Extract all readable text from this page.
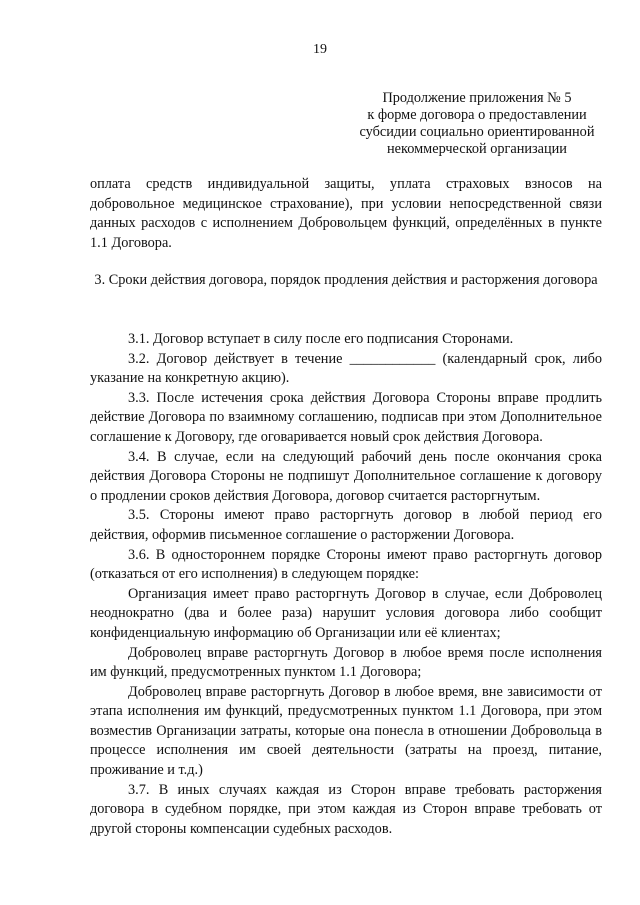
19
Продолжение приложения № 5
к форме договора о предоставлении
субсидии социально ориентированной
некоммерческой организации
оплата средств индивидуальной защиты, уплата страховых взносов на добровольное медицинское страхование), при условии непосредственной связи данных расходов с исполнением Добровольцем функций, определённых в пункте 1.1 Договора.
3. Сроки действия договора, порядок продления действия и расторжения договора

3.1. Договор вступает в силу после его подписания Сторонами.

3.2. Договор действует в течение ____________ (календарный срок, либо указание на конкретную акцию).

3.3. После истечения срока действия Договора Стороны вправе продлить действие Договора по взаимному соглашению, подписав при этом Дополнительное соглашение к Договору, где оговаривается новый срок действия Договора.

3.4. В случае, если на следующий рабочий день после окончания срока действия Договора Стороны не подпишут Дополнительное соглашение к договору о продлении сроков действия Договора, договор считается расторгнутым.

3.5. Стороны имеют право расторгнуть договор в любой период его действия, оформив письменное соглашение о расторжении Договора.

3.6. В одностороннем порядке Стороны имеют право расторгнуть договор (отказаться от его исполнения) в следующем порядке:

Организация имеет право расторгнуть Договор в случае, если Доброволец неоднократно (два и более раза) нарушит условия договора либо сообщит конфиденциальную информацию об Организации или её клиентах;

Доброволец вправе расторгнуть Договор в любое время после исполнения им функций, предусмотренных пунктом 1.1 Договора;

Доброволец вправе расторгнуть Договор в любое время, вне зависимости от этапа исполнения им функций, предусмотренных пунктом 1.1 Договора, при этом возместив Организации затраты, которые она понесла в отношении Добровольца в процессе исполнения им своей деятельности (затраты на проезд, питание, проживание и т.д.)

3.7. В иных случаях каждая из Сторон вправе требовать расторжения договора в судебном порядке, при этом каждая из Сторон вправе требовать от другой стороны компенсации судебных расходов.
